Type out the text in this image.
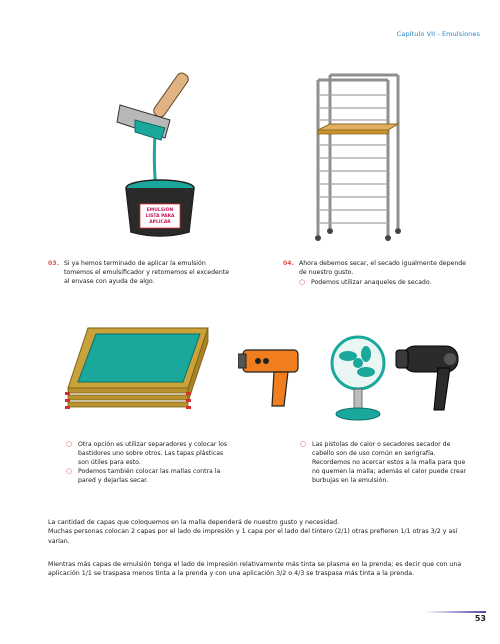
Capítulo VII - Emulsiones
EMULSIÓN
LISTA PARA
APLICAR
03. Si ya hemos terminado de aplicar la emulsión tomemos el emulsificador y retomemos el excedente al envase con ayuda de algo.
04. Ahora debemos secar, el secado igualmente depende de nuestro gusto.
○ Podemos utilizar anaqueles de secado.
○ Otra opción es utilizar separadores y colocar los bastidores uno sobre otros. Las tapas plásticas son útiles para esto.
○ Podemos también colocar las mallas contra la pared y dejarlas secar.
○ Las pistolas de calor o secadores secador de cabello son de uso común en serigrafía. Recordemos no acercar estos a la malla para que no quemen la malla; además el calor puede crear burbujas en la emulsión.
La cantidad de capas que coloquemos en la malla dependerá de nuestro gusto y necesidad.
Muchas personas colocan 2 capas por el lado de impresión y 1 capa por el lado del tintero (2/1) otras prefieren 1/1 otras 3/2 y así varían.
Mientras más capas de emulsión tenga el lado de impresión relativamente más tinta se plasma en la prenda; es decir que con una aplicación 1/1 se traspasa menos tinta a la prenda y con una aplicación 3/2 o 4/3 se traspasa más tinta a la prenda.
53
